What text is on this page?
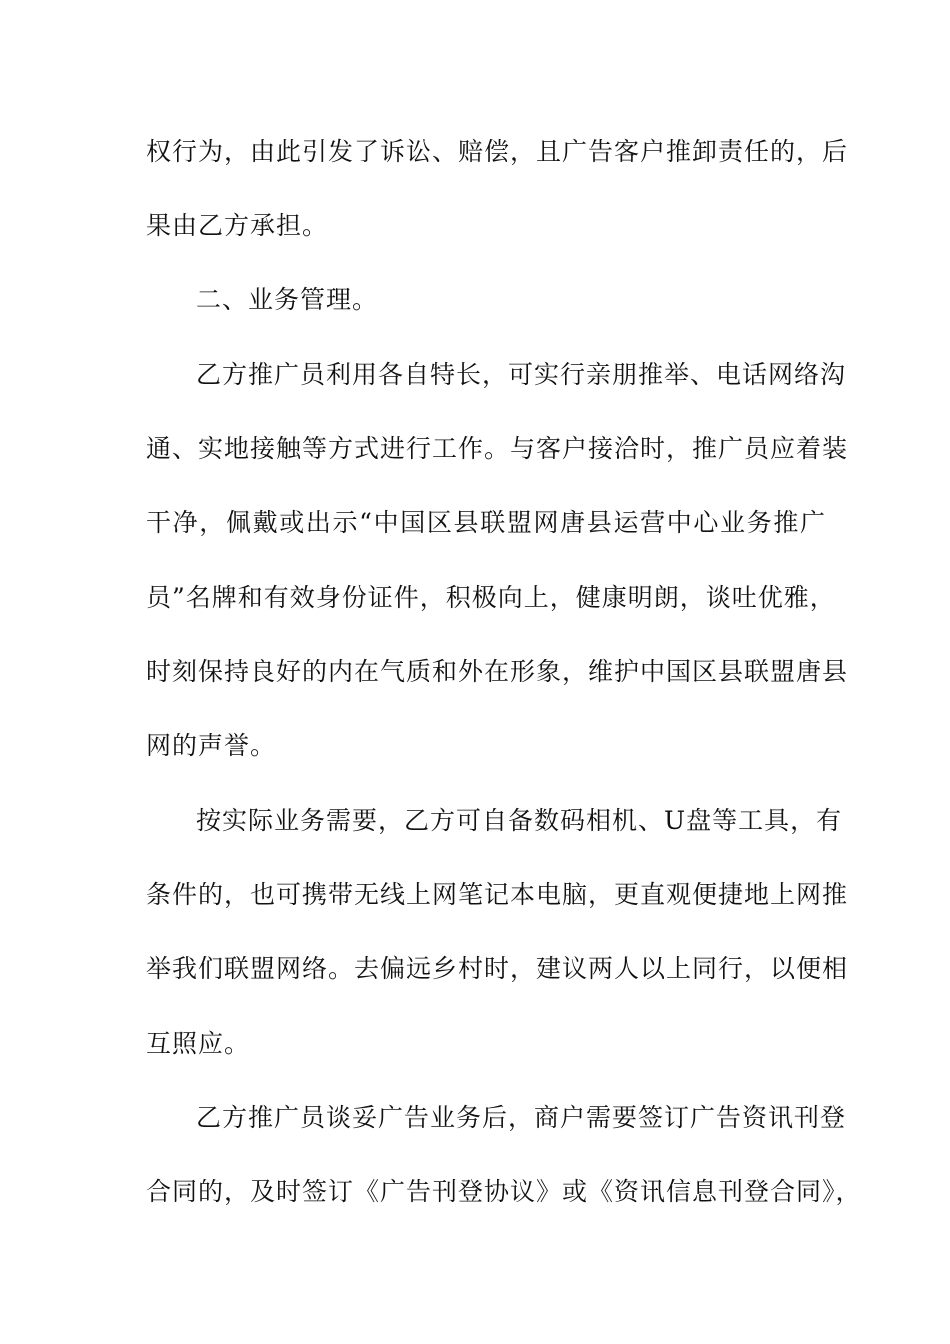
权行为，由此引发了诉讼、赔偿，且广告客户推卸责任的，后
果由乙方承担。
二、业务管理。
乙方推广员利用各自特长，可实行亲朋推举、电话网络沟
通、实地接触等方式进行工作。与客户接洽时，推广员应着装
干净，佩戴或出示“中国区县联盟网唐县运营中心业务推广
员”名牌和有效身份证件，积极向上，健康明朗，谈吐优雅，
时刻保持良好的内在气质和外在形象，维护中国区县联盟唐县
网的声誉。
按实际业务需要，乙方可自备数码相机、U盘等工具，有
条件的，也可携带无线上网笔记本电脑，更直观便捷地上网推
举我们联盟网络。去偏远乡村时，建议两人以上同行，以便相
互照应。
乙方推广员谈妥广告业务后，商户需要签订广告资讯刊登
合同的，及时签订《广告刊登协议》或《资讯信息刊登合同》，
